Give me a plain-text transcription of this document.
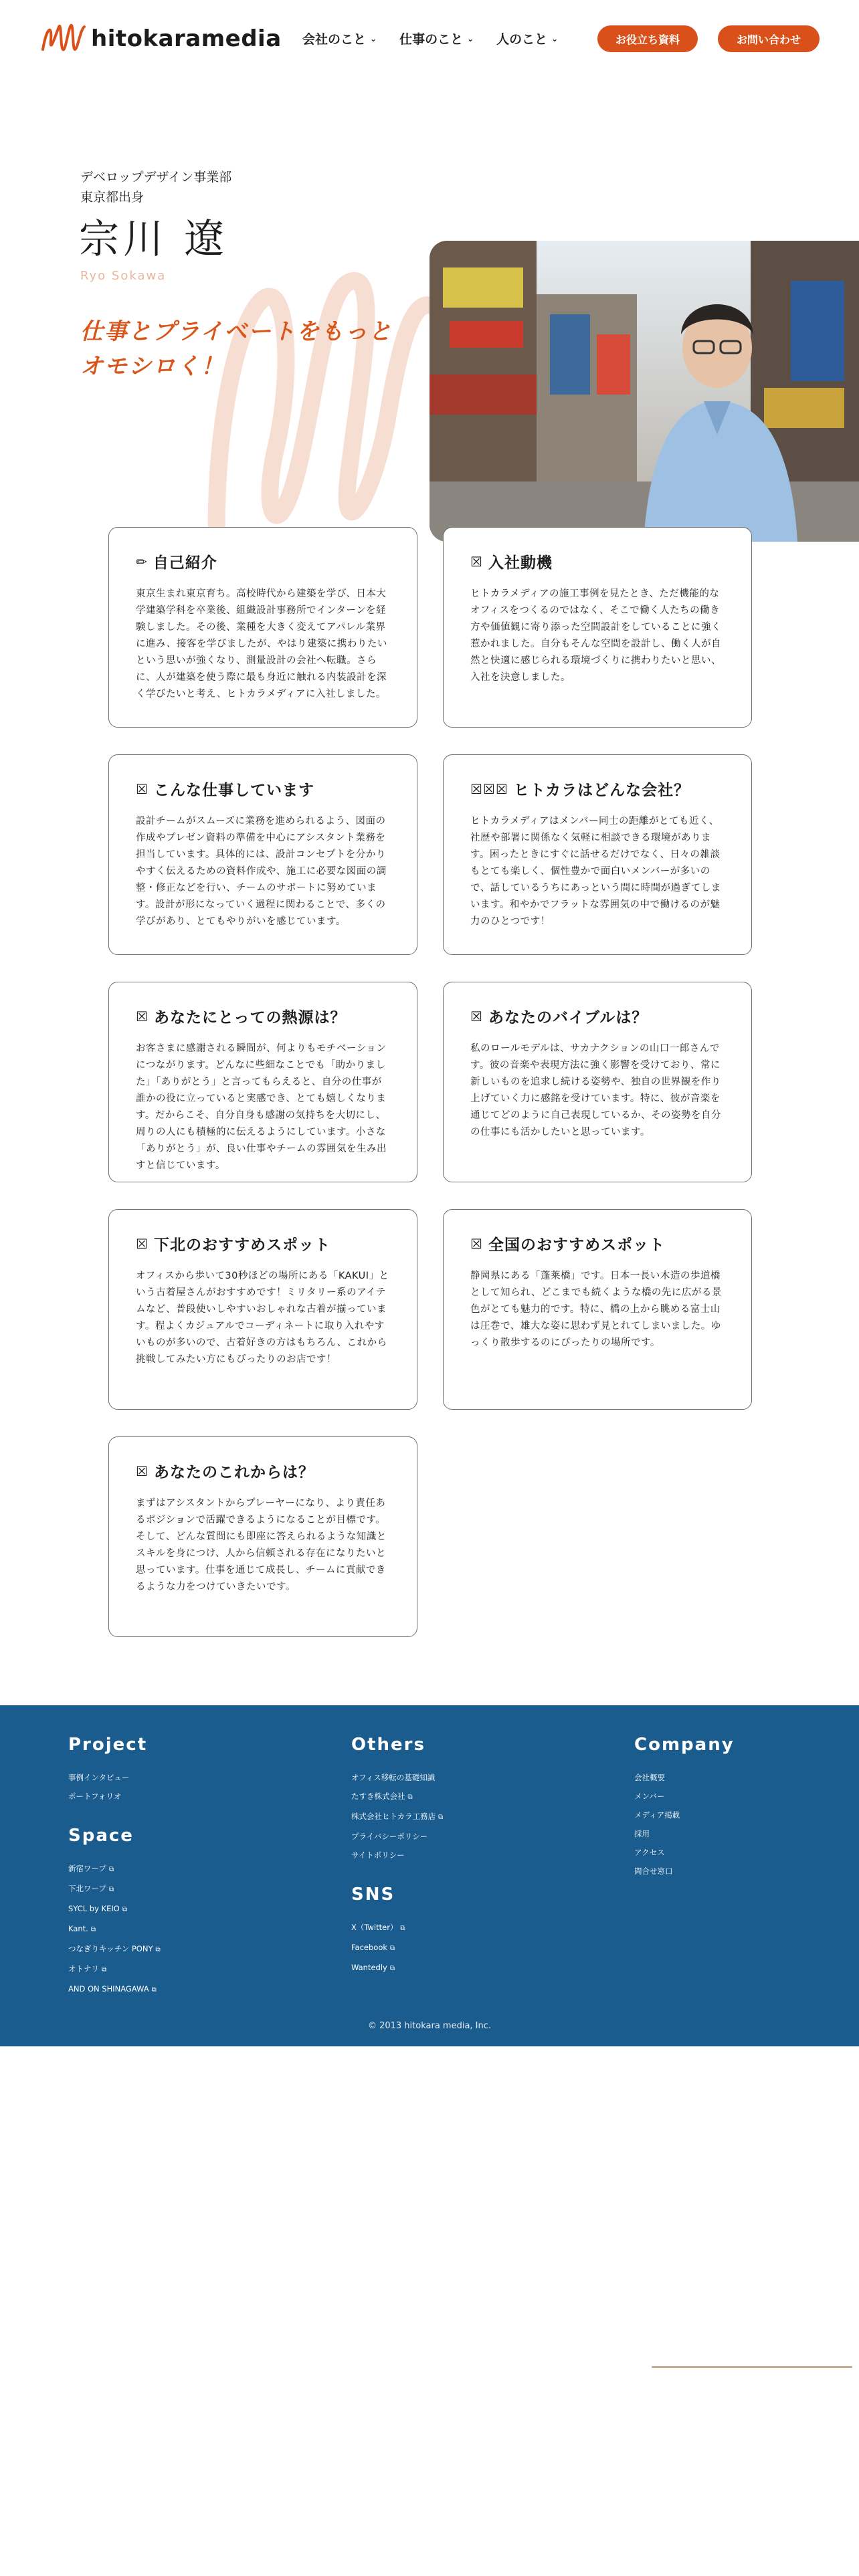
hitokaramedia 会社のこと ⌄ 仕事のこと ⌄ 人のこと ⌄	お役立ち資料	お問い合わせ
デベロップデザイン事業部
東京都出身
宗川 遼
Ryo Sokawa
仕事とプライベートをもっと
オモシロく！
✏ 自己紹介
東京生まれ東京育ち。高校時代から建築を学び、日本大学建築学科を卒業後、組織設計事務所でインターンを経験しました。その後、業種を大きく変えてアパレル業界に進み、接客を学びましたが、やはり建築に携わりたいという思いが強くなり、測量設計の会社へ転職。さらに、人が建築を使う際に最も身近に触れる内装設計を深く学びたいと考え、ヒトカラメディアに入社しました。
☒ 入社動機
ヒトカラメディアの施工事例を見たとき、ただ機能的なオフィスをつくるのではなく、そこで働く人たちの働き方や価値観に寄り添った空間設計をしていることに強く惹かれました。自分もそんな空間を設計し、働く人が自然と快適に感じられる環境づくりに携わりたいと思い、入社を決意しました。
☒ こんな仕事しています
設計チームがスムーズに業務を進められるよう、図面の作成やプレゼン資料の準備を中心にアシスタント業務を担当しています。具体的には、設計コンセプトを分かりやすく伝えるための資料作成や、施工に必要な図面の調整・修正などを行い、チームのサポートに努めています。設計が形になっていく過程に関わることで、多くの学びがあり、とてもやりがいを感じています。
☒☒☒ ヒトカラはどんな会社？
ヒトカラメディアはメンバー同士の距離がとても近く、社歴や部署に関係なく気軽に相談できる環境があります。困ったときにすぐに話せるだけでなく、日々の雑談もとても楽しく、個性豊かで面白いメンバーが多いので、話しているうちにあっという間に時間が過ぎてしまいます。和やかでフラットな雰囲気の中で働けるのが魅力のひとつです！
☒ あなたにとっての熱源は？
お客さまに感謝される瞬間が、何よりもモチベーションにつながります。どんなに些細なことでも「助かりました」「ありがとう」と言ってもらえると、自分の仕事が誰かの役に立っていると実感でき、とても嬉しくなります。だからこそ、自分自身も感謝の気持ちを大切にし、周りの人にも積極的に伝えるようにしています。小さな「ありがとう」が、良い仕事やチームの雰囲気を生み出すと信じています。
☒ あなたのバイブルは？
私のロールモデルは、サカナクションの山口一郎さんです。彼の音楽や表現方法に強く影響を受けており、常に新しいものを追求し続ける姿勢や、独自の世界観を作り上げていく力に感銘を受けています。特に、彼が音楽を通じてどのように自己表現しているか、その姿勢を自分の仕事にも活かしたいと思っています。
☒ 下北のおすすめスポット
オフィスから歩いて30秒ほどの場所にある「KAKUI」という古着屋さんがおすすめです！ミリタリー系のアイテムなど、普段使いしやすいおしゃれな古着が揃っています。程よくカジュアルでコーディネートに取り入れやすいものが多いので、古着好きの方はもちろん、これから挑戦してみたい方にもぴったりのお店です！
☒ 全国のおすすめスポット
静岡県にある「蓬莱橋」です。日本一長い木造の歩道橋として知られ、どこまでも続くような橋の先に広がる景色がとても魅力的です。特に、橋の上から眺める富士山は圧巻で、雄大な姿に思わず見とれてしまいました。ゆっくり散歩するのにぴったりの場所です。
☒ あなたのこれからは？
まずはアシスタントからプレーヤーになり、より責任あるポジションで活躍できるようになることが目標です。そして、どんな質問にも即座に答えられるような知識とスキルを身につけ、人から信頼される存在になりたいと思っています。仕事を通じて成長し、チームに貢献できるような力をつけていきたいです。
Project
事例インタビュー
ポートフォリオ
Space
新宿ワープ ⧉
下北ワープ ⧉
SYCL by KEIO ⧉
Kant. ⧉
つなぎりキッチン PONY ⧉
オトナリ ⧉
AND ON SHINAGAWA ⧉
Others
オフィス移転の基礎知識
たすき株式会社 ⧉
株式会社ヒトカラ工務店 ⧉
プライバシーポリシー
サイトポリシー
SNS
X（Twitter） ⧉
Facebook ⧉
Wantedly ⧉
Company
会社概要
メンバー
メディア掲載
採用
アクセス
問合せ窓口
© 2013 hitokara media, Inc.
